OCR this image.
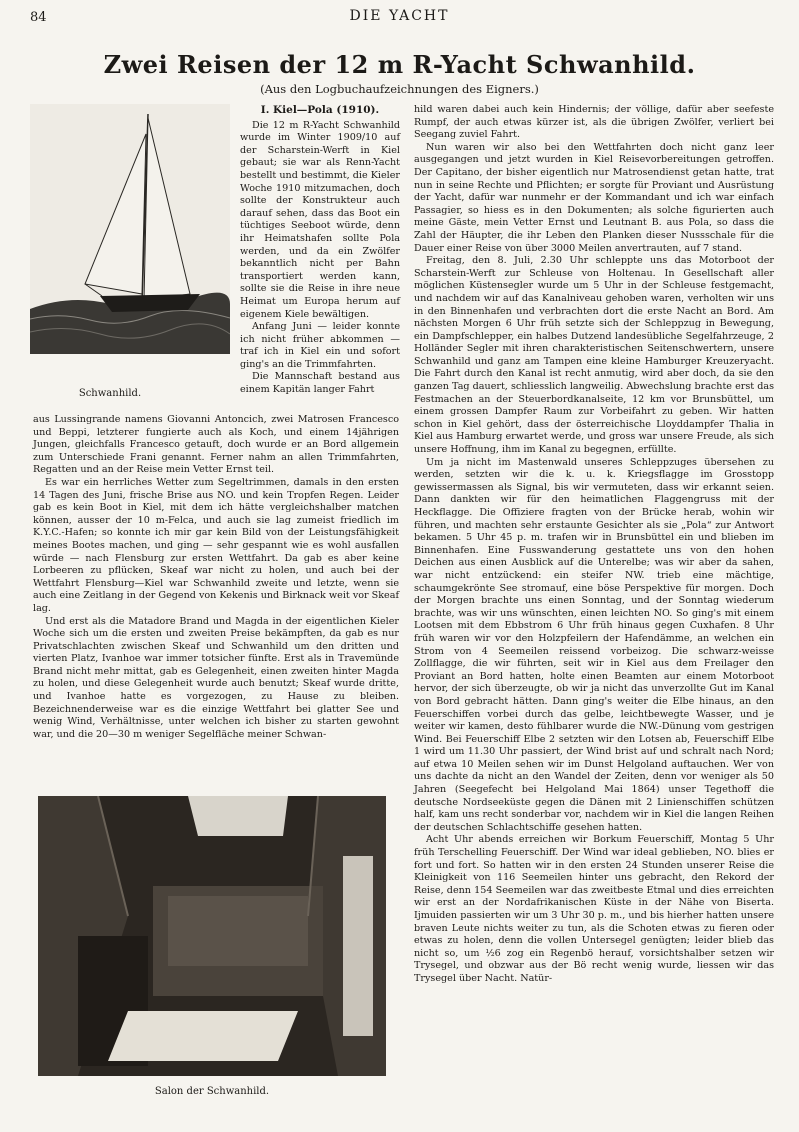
84	DIE YACHT
Zwei Reisen der 12 m R-Yacht Schwanhild.
(Aus den Logbuchaufzeichnungen des Eigners.)
Schwanhild.
I. Kiel—Pola (1910).

Die 12 m R-Yacht Schwanhild wurde im Winter 1909/10 auf der Scharstein-Werft in Kiel gebaut; sie war als Renn-Yacht bestellt und bestimmt, die Kieler Woche 1910 mitzumachen, doch sollte der Konstrukteur auch darauf sehen, dass das Boot ein tüchtiges Seeboot würde, denn ihr Heimatshafen sollte Pola werden, und da ein Zwölfer bekanntlich nicht per Bahn transportiert werden kann, sollte sie die Reise in ihre neue Heimat um Europa herum auf eigenem Kiele bewältigen.

Anfang Juni — leider konnte ich nicht früher abkommen — traf ich in Kiel ein und sofort ging's an die Trimmfahrten.

Die Mannschaft bestand aus einem Kapitän langer Fahrt

aus Lussingrande namens Giovanni Antoncich, zwei Matrosen Francesco und Beppi, letzterer fungierte auch als Koch, und einem 14jährigen Jungen, gleichfalls Francesco getauft, doch wurde er an Bord allgemein zum Unterschiede Frani genannt. Ferner nahm an allen Trimmfahrten, Regatten und an der Reise mein Vetter Ernst teil.

Es war ein herrliches Wetter zum Segeltrimmen, damals in den ersten 14 Tagen des Juni, frische Brise aus NO. und kein Tropfen Regen. Leider gab es kein Boot in Kiel, mit dem ich hätte vergleichshalber matchen können, ausser der 10 m-Felca, und auch sie lag zumeist friedlich im K.Y.C.-Hafen; so konnte ich mir gar kein Bild von der Leistungsfähigkeit meines Bootes machen, und ging — sehr gespannt wie es wohl ausfallen würde — nach Flensburg zur ersten Wettfahrt. Da gab es aber keine Lorbeeren zu pflücken, Skeaf war nicht zu holen, und auch bei der Wettfahrt Flensburg—Kiel war Schwanhild zweite und letzte, wenn sie auch eine Zeitlang in der Gegend von Kekenis und Birknack weit vor Skeaf lag.

Und erst als die Matadore Brand und Magda in der eigentlichen Kieler Woche sich um die ersten und zweiten Preise bekämpften, da gab es nur Privatschlachten zwischen Skeaf und Schwanhild um den dritten und vierten Platz, Ivanhoe war immer totsicher fünfte. Erst als in Travemünde Brand nicht mehr mittat, gab es Gelegenheit, einen zweiten hinter Magda zu holen, und diese Gelegenheit wurde auch benutzt; Skeaf wurde dritte, und Ivanhoe hatte es vorgezogen, zu Hause zu bleiben. Bezeichnenderweise war es die einzige Wettfahrt bei glatter See und wenig Wind, Verhältnisse, unter welchen ich bisher zu starten gewohnt war, und die 20—30 m weniger Segelfläche meiner Schwan-

Salon der Schwanhild.

hild waren dabei auch kein Hindernis; der völlige, dafür aber seefeste Rumpf, der auch etwas kürzer ist, als die übrigen Zwölfer, verliert bei Seegang zuviel Fahrt.

Nun waren wir also bei den Wettfahrten doch nicht ganz leer ausgegangen und jetzt wurden in Kiel Reisevorbereitungen getroffen. Der Capitano, der bisher eigentlich nur Matrosendienst getan hatte, trat nun in seine Rechte und Pflichten; er sorgte für Proviant und Ausrüstung der Yacht, dafür war nunmehr er der Kommandant und ich war einfach Passagier, so hiess es in den Dokumenten; als solche figurierten auch meine Gäste, mein Vetter Ernst und Leutnant B. aus Pola, so dass die Zahl der Häupter, die ihr Leben den Planken dieser Nussschale für die Dauer einer Reise von über 3000 Meilen anvertrauten, auf 7 stand.

Freitag, den 8. Juli, 2.30 Uhr schleppte uns das Motorboot der Scharstein-Werft zur Schleuse von Holtenau. In Gesellschaft aller möglichen Küstensegler wurde um 5 Uhr in der Schleuse festgemacht, und nachdem wir auf das Kanalniveau gehoben waren, verholten wir uns in den Binnenhafen und verbrachten dort die erste Nacht an Bord. Am nächsten Morgen 6 Uhr früh setzte sich der Schleppzug in Bewegung, ein Dampfschlepper, ein halbes Dutzend landesübliche Segelfahrzeuge, 2 Holländer Segler mit ihren charakteristischen Seitenschwertern, unsere Schwanhild und ganz am Tampen eine kleine Hamburger Kreuzeryacht. Die Fahrt durch den Kanal ist recht anmutig, wird aber doch, da sie den ganzen Tag dauert, schliesslich langweilig. Abwechslung brachte erst das Festmachen an der Steuerbordkanalseite, 12 km vor Brunsbüttel, um einem grossen Dampfer Raum zur Vorbeifahrt zu geben. Wir hatten schon in Kiel gehört, dass der österreichische Lloyddampfer Thalia in Kiel aus Hamburg erwartet werde, und gross war unsere Freude, als sich unsere Hoffnung, ihm im Kanal zu begegnen, erfüllte.

Um ja nicht im Mastenwald unseres Schleppzuges übersehen zu werden, setzten wir die k. u. k. Kriegsflagge im Grosstopp gewissermassen als Signal, bis wir vermuteten, dass wir erkannt seien. Dann dankten wir für den heimatlichen Flaggengruss mit der Heckflagge. Die Offiziere fragten von der Brücke herab, wohin wir führen, und machten sehr erstaunte Gesichter als sie „Pola“ zur Antwort bekamen. 5 Uhr 45 p. m. trafen wir in Brunsbüttel ein und blieben im Binnenhafen. Eine Fusswanderung gestattete uns von den hohen Deichen aus einen Ausblick auf die Unterelbe; was wir aber da sahen, war nicht entzückend: ein steifer NW. trieb eine mächtige, schaumgekrönte See stromauf, eine böse Perspektive für morgen. Doch der Morgen brachte uns einen Sonntag, und der Sonntag wiederum brachte, was wir uns wünschten, einen leichten NO. So ging's mit einem Lootsen mit dem Ebbstrom 6 Uhr früh hinaus gegen Cuxhafen. 8 Uhr früh waren wir vor den Holzpfeilern der Hafendämme, an welchen ein Strom von 4 Seemeilen reissend vorbeizog. Die schwarz-weisse Zollflagge, die wir führten, seit wir in Kiel aus dem Freilager den Proviant an Bord hatten, holte einen Beamten aur einem Motorboot hervor, der sich überzeugte, ob wir ja nicht das unverzollte Gut im Kanal von Bord gebracht hätten. Dann ging's weiter die Elbe hinaus, an den Feuerschiffen vorbei durch das gelbe, leichtbewegte Wasser, und je weiter wir kamen, desto fühlbarer wurde die NW.-Dünung vom gestrigen Wind. Bei Feuerschiff Elbe 2 setzten wir den Lotsen ab, Feuerschiff Elbe 1 wird um 11.30 Uhr passiert, der Wind brist auf und schralt nach Nord; auf etwa 10 Meilen sehen wir im Dunst Helgoland auftauchen. Wer von uns dachte da nicht an den Wandel der Zeiten, denn vor weniger als 50 Jahren (Seegefecht bei Helgoland Mai 1864) unser Tegethoff die deutsche Nordseeküste gegen die Dänen mit 2 Linienschiffen schützen half, kam uns recht sonderbar vor, nachdem wir in Kiel die langen Reihen der deutschen Schlachtschiffe gesehen hatten.

Acht Uhr abends erreichen wir Borkum Feuerschiff, Montag 5 Uhr früh Terschelling Feuerschiff. Der Wind war ideal geblieben, NO. blies er fort und fort. So hatten wir in den ersten 24 Stunden unserer Reise die Kleinigkeit von 116 Seemeilen hinter uns gebracht, den Rekord der Reise, denn 154 Seemeilen war das zweitbeste Etmal und dies erreichten wir erst an der Nordafrikanischen Küste in der Nähe von Biserta. Ijmuiden passierten wir um 3 Uhr 30 p. m., und bis hierher hatten unsere braven Leute nichts weiter zu tun, als die Schoten etwas zu fieren oder etwas zu holen, denn die vollen Untersegel genügten; leider blieb das nicht so, um ½6 zog ein Regenbö herauf, vorsichtshalber setzen wir Trysegel, und obzwar aus der Bö recht wenig wurde, liessen wir das Trysegel über Nacht. Natür-
